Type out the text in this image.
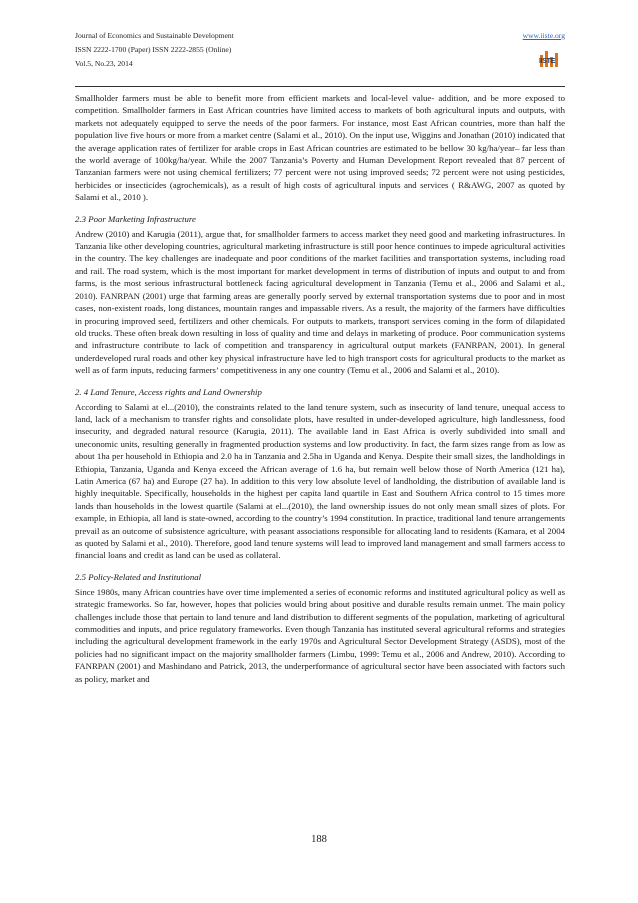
Journal of Economics and Sustainable Development
ISSN 2222-1700 (Paper) ISSN 2222-2855 (Online)
Vol.5, No.23, 2014
www.iiste.org
IISTE

Smallholder farmers must be able to benefit more from efficient markets and local-level value- addition, and be more exposed to competition. Smallholder farmers in East African countries have limited access to markets of both agricultural inputs and outputs, with markets not adequately equipped to serve the needs of the poor farmers. For instance, most East African countries, more than half the population live five hours or more from a market centre (Salami et al., 2010). On the input use, Wiggins and Jonathan (2010) indicated that the average application rates of fertilizer for arable crops in East African countries are estimated to be bellow 30 kg/ha/year– far less than the world average of 100kg/ha/year. While the 2007 Tanzania’s Poverty and Human Development Report revealed that 87 percent of Tanzanian farmers were not using chemical fertilizers; 77 percent were not using improved seeds; 72 percent were not using pesticides, herbicides or insecticides (agrochemicals), as a result of high costs of agricultural inputs and services ( R&AWG, 2007 as quoted by Salami et al., 2010 ).

2.3 Poor Marketing Infrastructure

Andrew (2010) and Karugia (2011), argue that, for smallholder farmers to access market they need good and marketing infrastructures. In Tanzania like other developing countries, agricultural marketing infrastructure is still poor hence continues to impede agricultural activities in the country. The key challenges are inadequate and poor conditions of the market facilities and transportation systems, including road and rail. The road system, which is the most important for market development in terms of distribution of inputs and output to and from farms, is the most serious infrastructural bottleneck facing agricultural development in Tanzania (Temu et al., 2006 and Salami et al., 2010). FANRPAN (2001) urge that farming areas are generally poorly served by external transportation systems due to poor and in most cases, non-existent roads, long distances, mountain ranges and impassable rivers. As a result, the majority of the farmers have difficulties in procuring improved seed, fertilizers and other chemicals. For outputs to markets, transport services coming in the form of dilapidated old trucks. These often break down resulting in loss of quality and time and delays in marketing of produce. Poor communication systems and infrastructure contribute to lack of competition and transparency in agricultural output markets (FANRPAN, 2001). In general underdeveloped rural roads and other key physical infrastructure have led to high transport costs for agricultural products to the market as well as of farm inputs, reducing farmers’ competitiveness in any one country (Temu et al., 2006 and Salami et al., 2010).

2. 4 Land Tenure, Access rights and Land Ownership

According to Salami at el...(2010), the constraints related to the land tenure system, such as insecurity of land tenure, unequal access to land, lack of a mechanism to transfer rights and consolidate plots, have resulted in under-developed agriculture, high landlessness, food insecurity, and degraded natural resource (Karugia, 2011). The available land in East Africa is overly subdivided into small and uneconomic units, resulting generally in fragmented production systems and low productivity. In fact, the farm sizes range from as low as about 1ha per household in Ethiopia and 2.0 ha in Tanzania and 2.5ha in Uganda and Kenya. Despite their small sizes, the landholdings in Ethiopia, Tanzania, Uganda and Kenya exceed the African average of 1.6 ha, but remain well below those of North America (121 ha), Latin America (67 ha) and Europe (27 ha). In addition to this very low absolute level of landholding, the distribution of available land is highly inequitable. Specifically, households in the highest per capita land quartile in East and Southern Africa control to 15 times more lands than households in the lowest quartile (Salami at el...(2010), the land ownership issues do not only mean small sizes of plots. For example, in Ethiopia, all land is state-owned, according to the country’s 1994 constitution. In practice, traditional land tenure arrangements prevail as an outcome of subsistence agriculture, with peasant associations responsible for allocating land to residents (Kamara, et al 2004 as quoted by Salami et al., 2010). Therefore, good land tenure systems will lead to improved land management and small farmers access to financial loans and credit as land can be used as collateral.

2.5 Policy-Related and Institutional

Since 1980s, many African countries have over time implemented a series of economic reforms and instituted agricultural policy as well as strategic frameworks. So far, however, hopes that policies would bring about positive and durable results remain unmet. The main policy challenges include those that pertain to land tenure and land distribution to different segments of the population, marketing of agricultural commodities and inputs, and price regulatory frameworks. Even though Tanzania has instituted several agricultural reforms and strategies including the agricultural development framework in the early 1970s and Agricultural Sector Development Strategy (ASDS), most of the policies had no significant impact on the majority smallholder farmers (Limbu, 1999: Temu et al., 2006 and Andrew, 2010). According to FANRPAN (2001) and Mashindano and Patrick, 2013, the underperformance of agricultural sector have been associated with factors such as policy, market and

188
